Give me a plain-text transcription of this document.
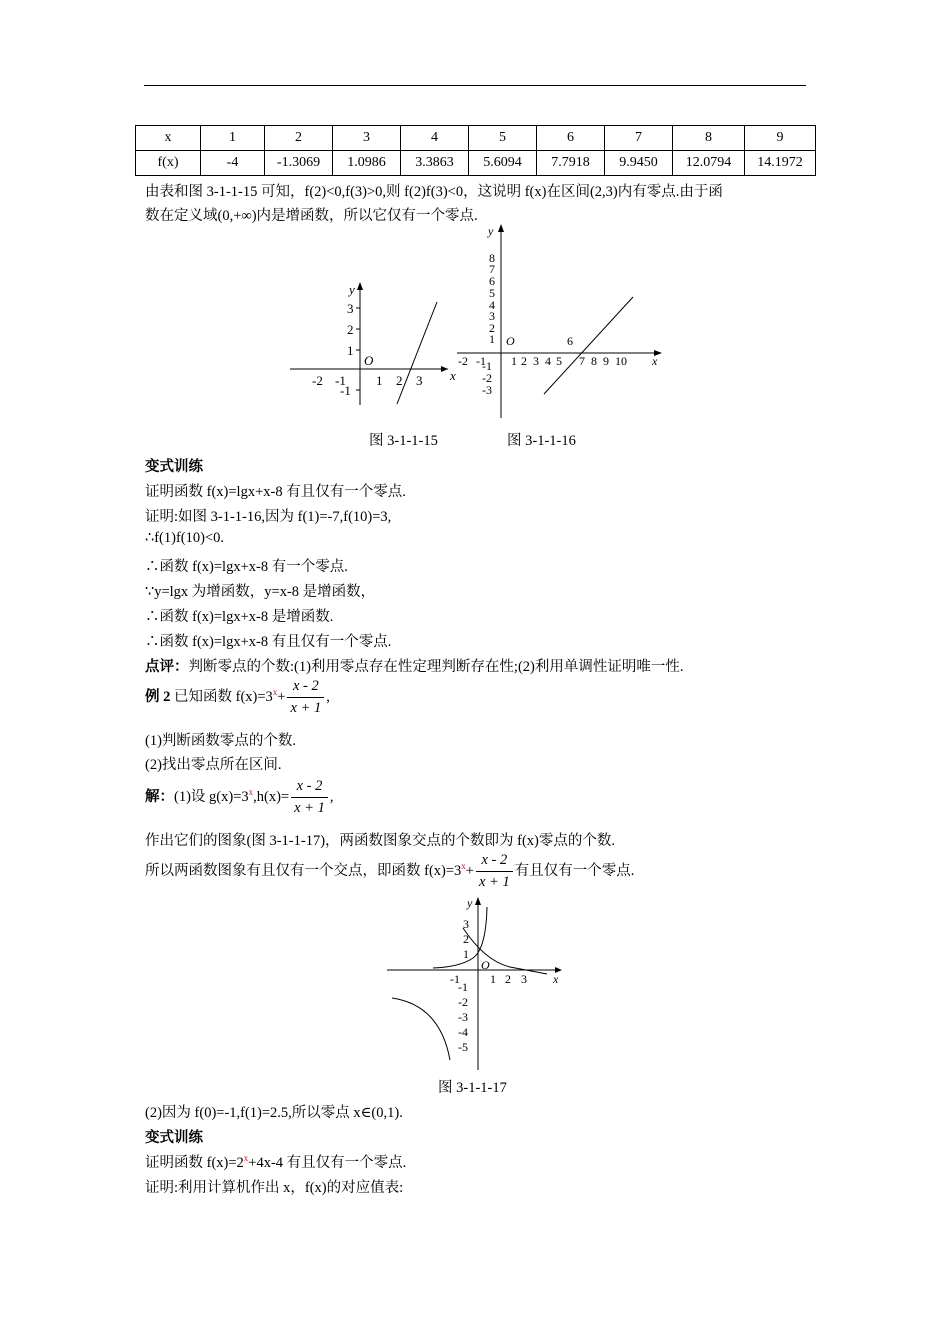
x	1	2	3	4	5	6	7	8	9
f(x)	-4	-1.3069	1.0986	3.3863	5.6094	7.7918	9.9450	12.0794	14.1972
由表和图 3-1-1-15 可知，f(2)<0,f(3)>0,则 f(2)f(3)<0，这说明 f(x)在区间(2,3)内有零点.由于函
数在定义域(0,+∞)内是增函数，所以它仅有一个零点.
y
x
O
3
2
1
-1
-2 -1 1 2 3
y
x
O	6
8
7
6
5
4
3
2
1
-1
-2
-3
-2 -1 1 2 3 4 5 7 8 9 10
图 3-1-1-15	图 3-1-1-16
变式训练
证明函数 f(x)=lgx+x-8 有且仅有一个零点.
证明:如图 3-1-1-16,因为 f(1)=-7,f(10)=3,
∴f(1)f(10)<0.
∴函数 f(x)=lgx+x-8 有一个零点.
∵y=lgx 为增函数，y=x-8 是增函数，
∴函数 f(x)=lgx+x-8 是增函数.
∴函数 f(x)=lgx+x-8 有且仅有一个零点.
点评：判断零点的个数:(1)利用零点存在性定理判断存在性;(2)利用单调性证明唯一性.
例 2 已知函数 $f(x)=3^x+ \frac{x - 2}{x + 1}$ ,
(1)判断函数零点的个数.
(2)找出零点所在区间.
解：(1)设 $g(x)=3^x,h(x)= \frac{x - 2}{x + 1}$ ,
作出它们的图象(图 3-1-1-17)，两函数图象交点的个数即为 f(x)零点的个数.
所以两函数图象有且仅有一个交点，即函数 $f(x)=3^x+ \frac{x - 2}{x + 1}$ 有且仅有一个零点.
y
x
O
3
2
1
-1
-2
-3
-4
-5
-1	1 2 3
图 3-1-1-17
(2)因为 f(0)=-1,f(1)=2.5,所以零点 x∈(0,1).
变式训练
证明函数 $f(x)=2^x+4x-4$ 有且仅有一个零点.
证明:利用计算机作出 x，f(x)的对应值表:
